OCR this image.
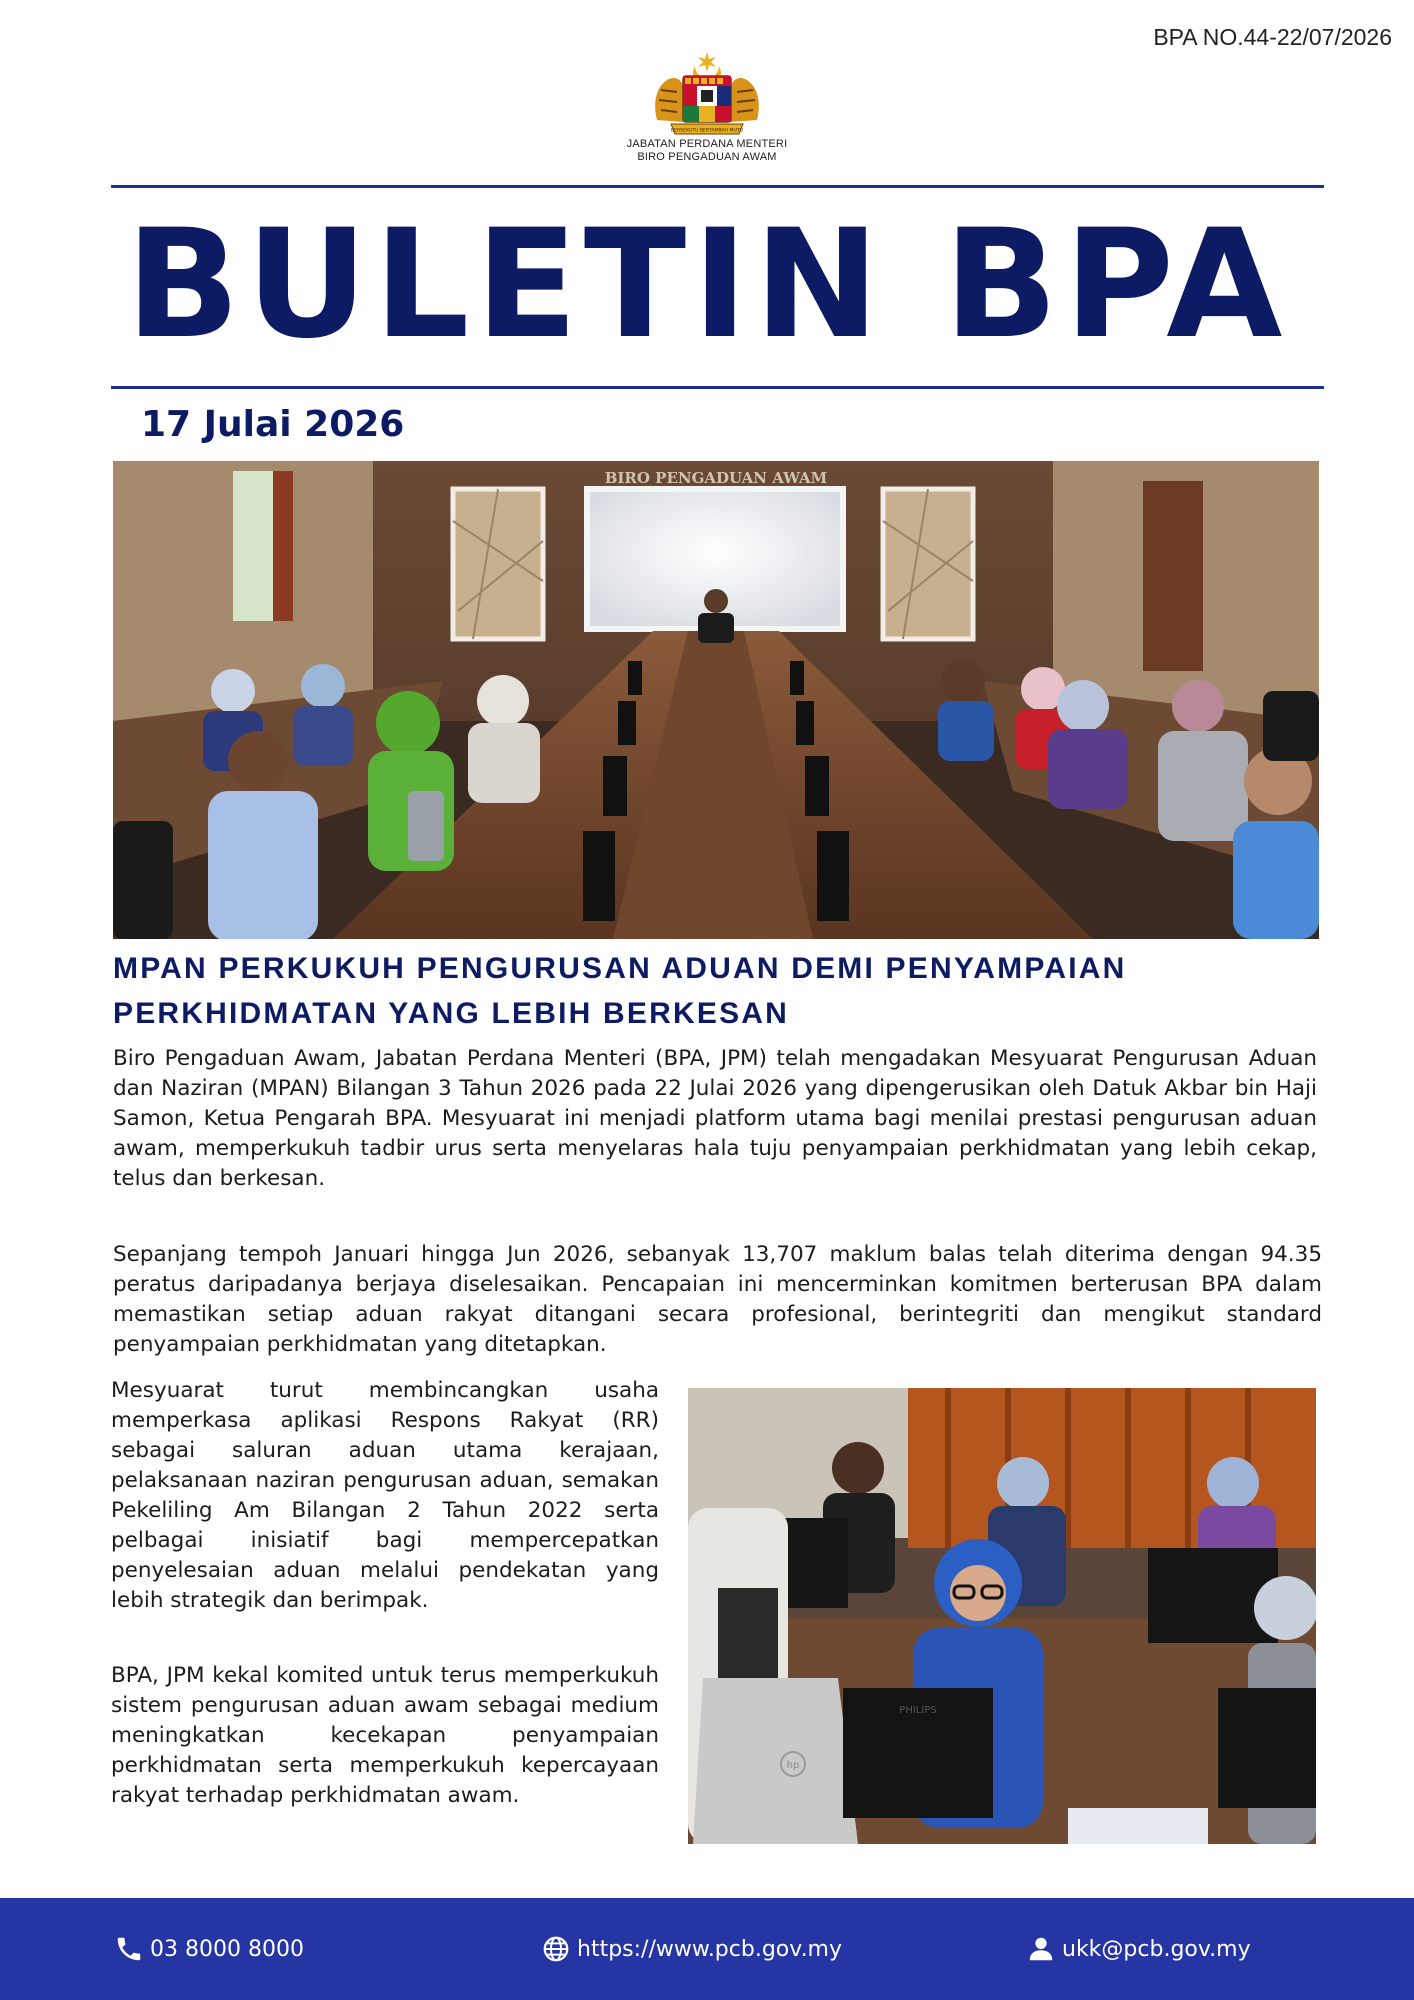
BPA NO.44-22/07/2026
BERSEKUTU BERTAMBAH MUTU
JABATAN PERDANA MENTERI
BIRO PENGADUAN AWAM
BULETIN BPA
17 Julai 2026
BIRO PENGADUAN AWAM
MPAN PERKUKUH PENGURUSAN ADUAN DEMI PENYAMPAIAN PERKHIDMATAN YANG LEBIH BERKESAN

Biro Pengaduan Awam, Jabatan Perdana Menteri (BPA, JPM) telah mengadakan Mesyuarat Pengurusan Aduan dan Naziran (MPAN) Bilangan 3 Tahun 2026 pada 22 Julai 2026 yang dipengerusikan oleh Datuk Akbar bin Haji Samon, Ketua Pengarah BPA. Mesyuarat ini menjadi platform utama bagi menilai prestasi pengurusan aduan awam, memperkukuh tadbir urus serta menyelaras hala tuju penyampaian perkhidmatan yang lebih cekap, telus dan berkesan.

Sepanjang tempoh Januari hingga Jun 2026, sebanyak 13,707 maklum balas telah diterima dengan 94.35 peratus daripadanya berjaya diselesaikan. Pencapaian ini mencerminkan komitmen berterusan BPA dalam memastikan setiap aduan rakyat ditangani secara profesional, berintegriti dan mengikut standard penyampaian perkhidmatan yang ditetapkan.

Mesyuarat turut membincangkan usaha memperkasa aplikasi Respons Rakyat (RR) sebagai saluran aduan utama kerajaan, pelaksanaan naziran pengurusan aduan, semakan Pekeliling Am Bilangan 2 Tahun 2022 serta pelbagai inisiatif bagi mempercepatkan penyelesaian aduan melalui pendekatan yang lebih strategik dan berimpak.

BPA, JPM kekal komited untuk terus memperkukuh sistem pengurusan aduan awam sebagai medium meningkatkan kecekapan penyampaian perkhidmatan serta memperkukuh kepercayaan rakyat terhadap perkhidmatan awam.

hp
PHILIPS
03 8000 8000	https://www.pcb.gov.my	ukk@pcb.gov.my
